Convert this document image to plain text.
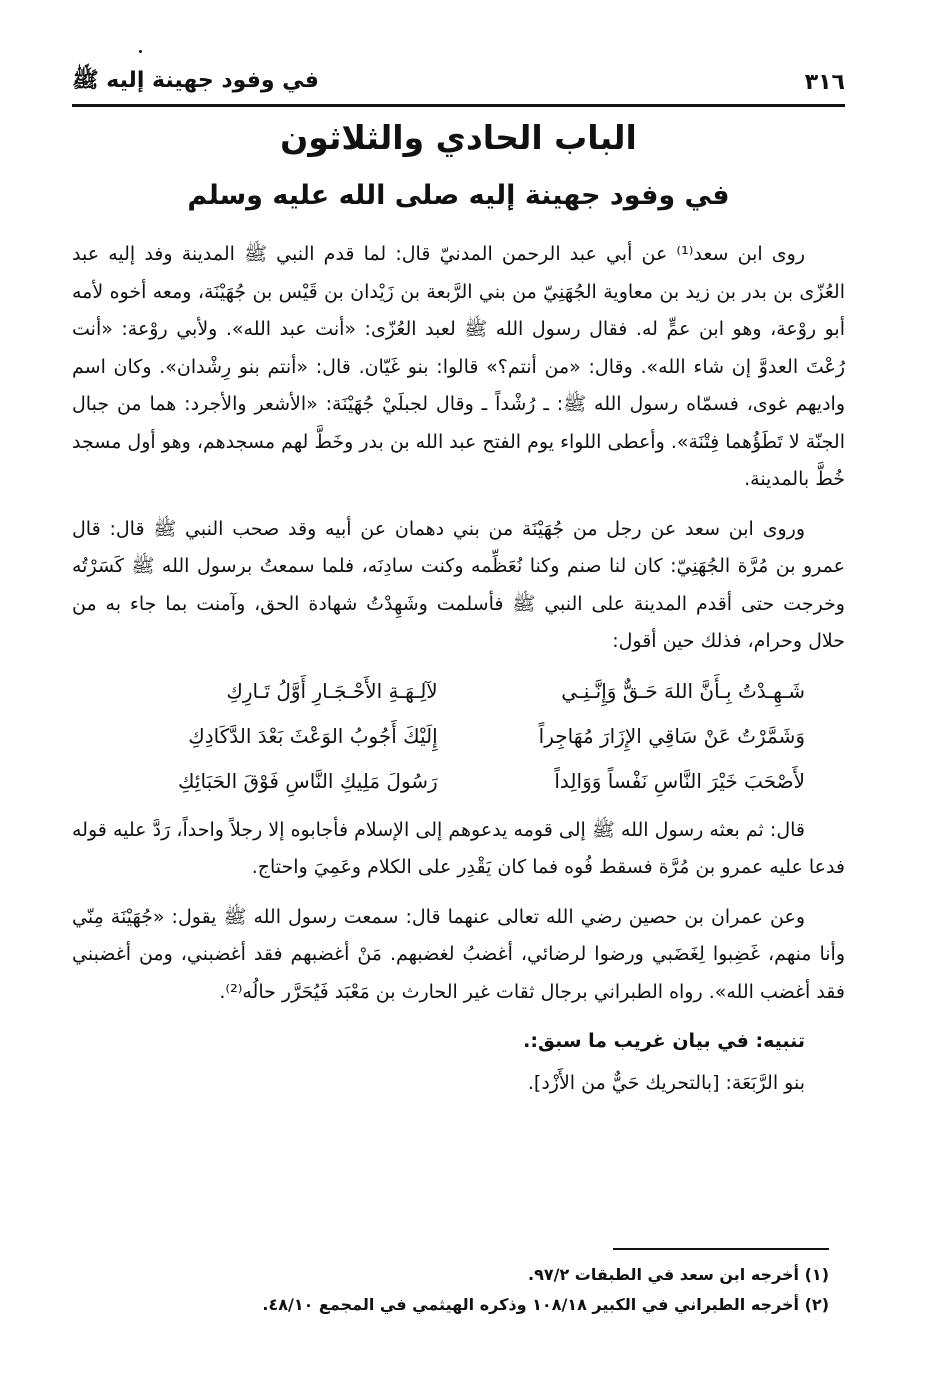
٣١٦
في وفود جهينة إليه ﷺ
الباب الحادي والثلاثون
في وفود جهينة إليه صلى الله عليه وسلم

روى ابن سعد⁽¹⁾ عن أبي عبد الرحمن المدنيّ قال: لما قدم النبي ﷺ المدينة وفد إليه عبد العُزّى بن بدر بن زيد بن معاوية الجُهَنِيّ من بني الرَّبعة بن زَيْدان بن قَيْس بن جُهَيْنَة، ومعه أخوه لأمه أبو روْعة، وهو ابن عمٍّ له. فقال رسول الله ﷺ لعبد العُزّى: «أنت عبد الله». ولأبي روْعة: «أنت رُعْتَ العدوَّ إن شاء الله». وقال: «من أنتم؟» قالوا: بنو غَيّان. قال: «أنتم بنو رِشْدان». وكان اسم واديهم غوى، فسمّاه رسول الله ﷺ: ـ رُشْداً ـ وقال لجبلَيْ جُهَيْنَة: «الأشعر والأجرد: هما من جبال الجنّة لا تَطَؤُهما فِتْنَة». وأعطى اللواء يوم الفتح عبد الله بن بدر وخَطَّ لهم مسجدهم، وهو أول مسجد خُطَّ بالمدينة.

وروى ابن سعد عن رجل من جُهَيْنَة من بني دهمان عن أبيه وقد صحب النبي ﷺ قال: قال عمرو بن مُرَّة الجُهَنِيّ: كان لنا صنم وكنا نُعَظِّمه وكنت سادِنَه، فلما سمعتُ برسول الله ﷺ كَسَرْتُه وخرجت حتى أقدم المدينة على النبي ﷺ فأسلمت وشَهِدْتُ شهادة الحق، وآمنت بما جاء به من حلال وحرام، فذلك حين أقول:

شَـهِـدْتُ بِـأَنَّ اللهَ حَـقٌّ وَإِنَّـنِـي
لآلِـهَـةِ الأَحْـجَـارِ أَوَّلُ تَـارِكِ
وَشَمَّرْتُ عَنْ سَاقِي الإِزَارَ مُهَاجِراً
إِلَيْكَ أَجُوبُ الوَعْثَ بَعْدَ الدَّكَادِكِ
لأَصْحَبَ خَيْرَ النَّاسِ نَفْساً وَوَالِداً
رَسُولَ مَلِيكِ النَّاسِ فَوْقَ الحَبَائِكِ

قال: ثم بعثه رسول الله ﷺ إلى قومه يدعوهم إلى الإسلام فأجابوه إلا رجلاً واحداً، رَدَّ عليه قوله فدعا عليه عمرو بن مُرَّة فسقط فُوه فما كان يَقْدِر على الكلام وعَمِيَ واحتاج.

وعن عمران بن حصين رضي الله تعالى عنهما قال: سمعت رسول الله ﷺ يقول: «جُهَيْنَة مِنّي وأنا منهم، غَضِبوا لِغَضَبي ورضوا لرضائي، أغضبُ لغضبهم. مَنْ أغضبهم فقد أغضبني، ومن أغضبني فقد أغضب الله». رواه الطبراني برجال ثقات غير الحارث بن مَعْبَد فَيُحَرَّر حالُه⁽²⁾.

تنبيه: في بيان غريب ما سبق:.

بنو الرَّبَعَة: [بالتحريك حَيٌّ من الأَزْد].

(١) أخرجه ابن سعد في الطبقات ٩٧/٢.

(٢) أخرجه الطبراني في الكبير ١٠٨/١٨ وذكره الهيثمي في المجمع ٤٨/١٠.
